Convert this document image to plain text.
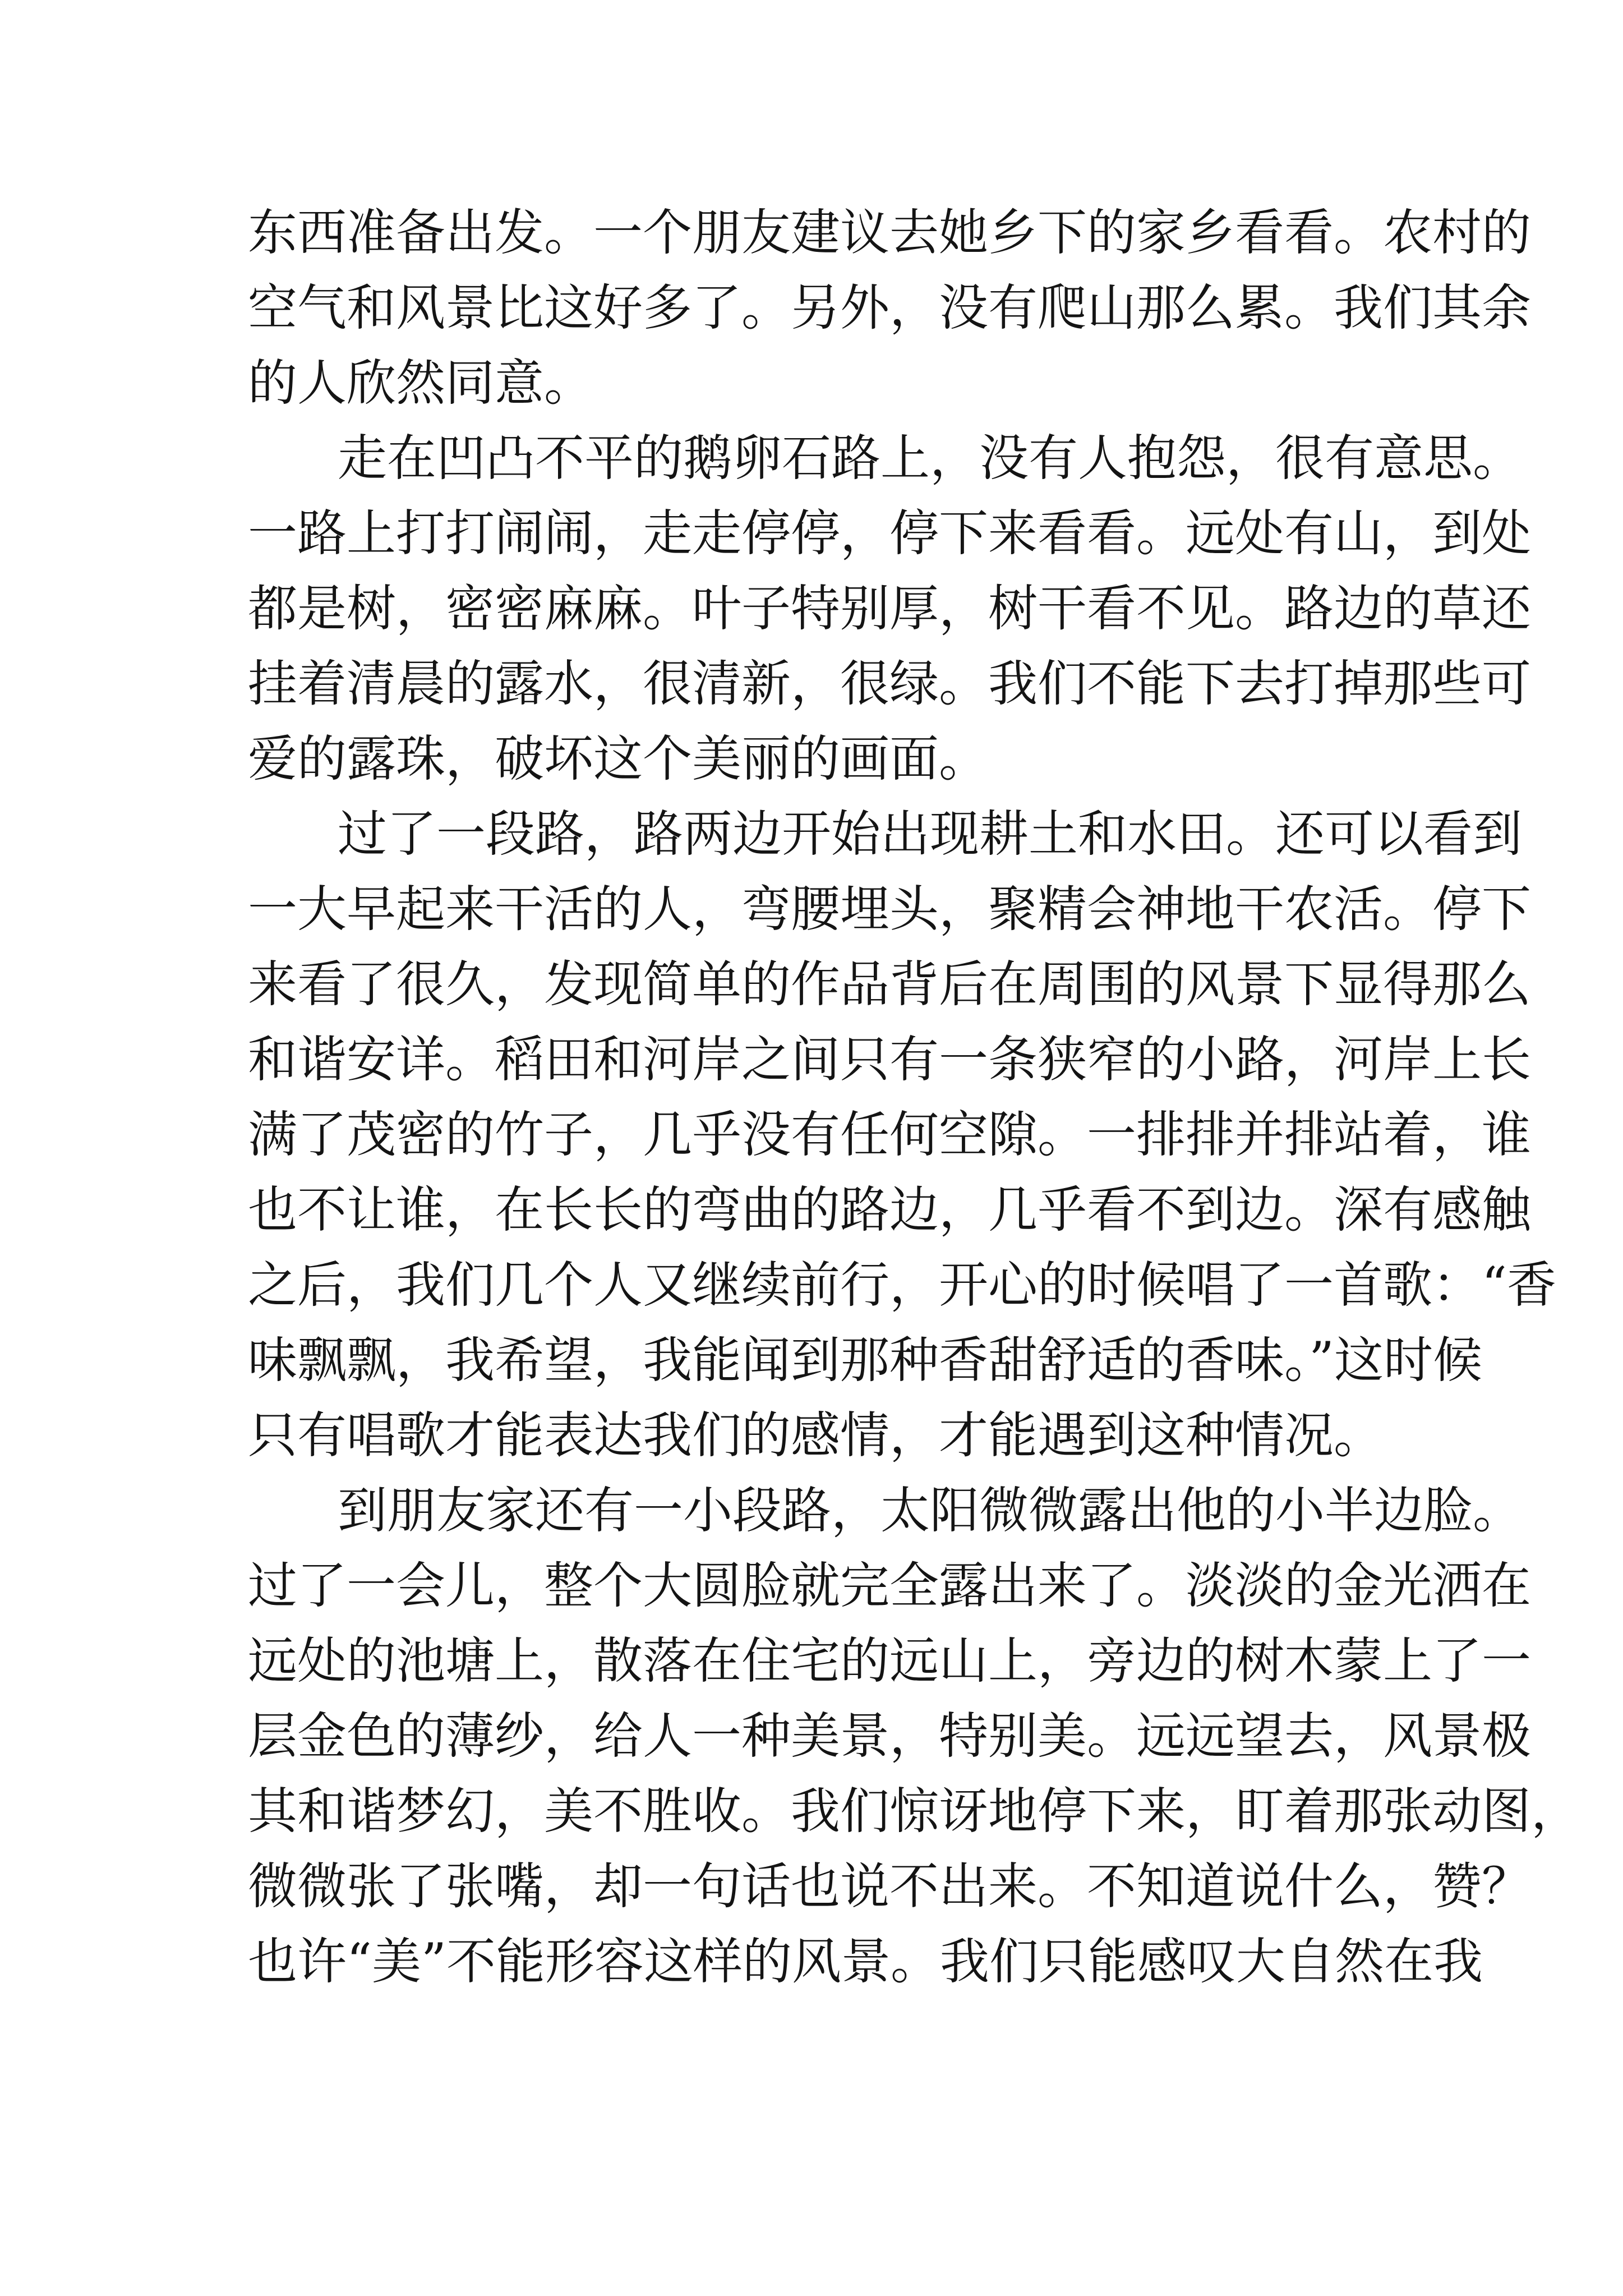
东西准备出发。一个朋友建议去她乡下的家乡看看。农村的
空气和风景比这好多了。另外，没有爬山那么累。我们其余
的人欣然同意。
走在凹凸不平的鹅卵石路上，没有人抱怨，很有意思。
一路上打打闹闹，走走停停，停下来看看。远处有山，到处
都是树，密密麻麻。叶子特别厚，树干看不见。路边的草还
挂着清晨的露水，很清新，很绿。我们不能下去打掉那些可
爱的露珠，破坏这个美丽的画面。
过了一段路，路两边开始出现耕土和水田。还可以看到
一大早起来干活的人，弯腰埋头，聚精会神地干农活。停下
来看了很久，发现简单的作品背后在周围的风景下显得那么
和谐安详。稻田和河岸之间只有一条狭窄的小路，河岸上长
满了茂密的竹子，几乎没有任何空隙。一排排并排站着，谁
也不让谁，在长长的弯曲的路边，几乎看不到边。深有感触
之后，我们几个人又继续前行，开心的时候唱了一首歌：“香
味飘飘，我希望，我能闻到那种香甜舒适的香味。”这时候
只有唱歌才能表达我们的感情，才能遇到这种情况。
到朋友家还有一小段路，太阳微微露出他的小半边脸。
过了一会儿，整个大圆脸就完全露出来了。淡淡的金光洒在
远处的池塘上，散落在住宅的远山上，旁边的树木蒙上了一
层金色的薄纱，给人一种美景，特别美。远远望去，风景极
其和谐梦幻，美不胜收。我们惊讶地停下来，盯着那张动图，
微微张了张嘴，却一句话也说不出来。不知道说什么，赞？
也许“美”不能形容这样的风景。我们只能感叹大自然在我
